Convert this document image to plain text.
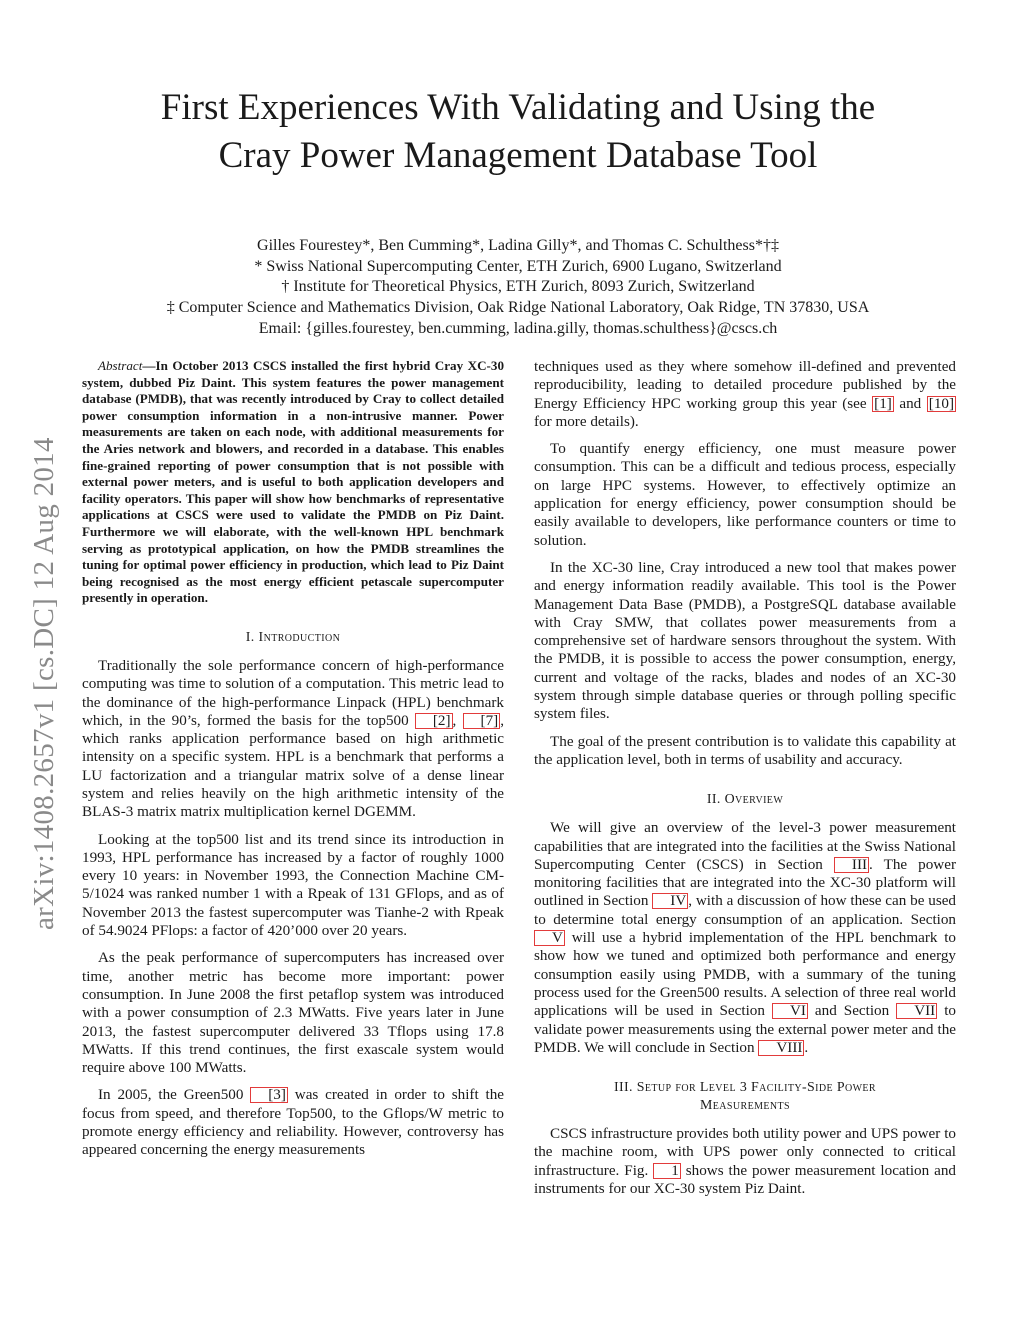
First Experiences With Validating and Using the
Cray Power Management Database Tool
Gilles Fourestey*, Ben Cumming*, Ladina Gilly*, and Thomas C. Schulthess*†‡
* Swiss National Supercomputing Center, ETH Zurich, 6900 Lugano, Switzerland
† Institute for Theoretical Physics, ETH Zurich, 8093 Zurich, Switzerland
‡ Computer Science and Mathematics Division, Oak Ridge National Laboratory, Oak Ridge, TN 37830, USA
Email: {gilles.fourestey, ben.cumming, ladina.gilly, thomas.schulthess}@cscs.ch
arXiv:1408.2657v1 [cs.DC] 12 Aug 2014

Abstract—In October 2013 CSCS installed the first hybrid Cray XC-30 system, dubbed Piz Daint. This system features the power management database (PMDB), that was recently introduced by Cray to collect detailed power consumption information in a non-intrusive manner. Power measurements are taken on each node, with additional measurements for the Aries network and blowers, and recorded in a database. This enables fine-grained reporting of power consumption that is not possible with external power meters, and is useful to both application developers and facility operators. This paper will show how benchmarks of representative applications at CSCS were used to validate the PMDB on Piz Daint. Furthermore we will elaborate, with the well-known HPL benchmark serving as prototypical application, on how the PMDB streamlines the tuning for optimal power efficiency in production, which lead to Piz Daint being recognised as the most energy efficient petascale supercomputer presently in operation.

I. Introduction

Traditionally the sole performance concern of high-performance computing was time to solution of a computation. This metric lead to the dominance of the high-performance Linpack (HPL) benchmark which, in the 90’s, formed the basis for the top500 [2] , [7] , which ranks application performance based on high arithmetic intensity on a specific system. HPL is a benchmark that performs a LU factorization and a triangular matrix solve of a dense linear system and relies heavily on the high arithmetic intensity of the BLAS-3 matrix matrix multiplication kernel DGEMM.

Looking at the top500 list and its trend since its introduction in 1993, HPL performance has increased by a factor of roughly 1000 every 10 years: in November 1993, the Connection Machine CM-5/1024 was ranked number 1 with a Rpeak of 131 GFlops, and as of November 2013 the fastest supercomputer was Tianhe-2 with Rpeak of 54.9024 PFlops: a factor of 420’000 over 20 years.

As the peak performance of supercomputers has increased over time, another metric has become more important: power consumption. In June 2008 the first petaflop system was introduced with a power consumption of 2.3 MWatts. Five years later in June 2013, the fastest supercomputer delivered 33 Tflops using 17.8 MWatts. If this trend continues, the first exascale system would require above 100 MWatts.

In 2005, the Green500 [3] was created in order to shift the focus from speed, and therefore Top500, to the Gflops/W metric to promote energy efficiency and reliability. However, controversy has appeared concerning the energy measurements

techniques used as they where somehow ill-defined and prevented reproducibility, leading to detailed procedure published by the Energy Efficiency HPC working group this year (see [1] and [10] for more details).

To quantify energy efficiency, one must measure power consumption. This can be a difficult and tedious process, especially on large HPC systems. However, to effectively optimize an application for energy efficiency, power consumption should be easily available to developers, like performance counters or time to solution.

In the XC-30 line, Cray introduced a new tool that makes power and energy information readily available. This tool is the Power Management Data Base (PMDB), a PostgreSQL database available with Cray SMW, that collates power measurements from a comprehensive set of hardware sensors throughout the system. With the PMDB, it is possible to access the power consumption, energy, current and voltage of the racks, blades and nodes of an XC-30 system through simple database queries or through polling specific system files.

The goal of the present contribution is to validate this capability at the application level, both in terms of usability and accuracy.

II. Overview

We will give an overview of the level-3 power measurement capabilities that are integrated into the facilities at the Swiss National Supercomputing Center (CSCS) in Section III . The power monitoring facilities that are integrated into the XC-30 platform will outlined in Section IV , with a discussion of how these can be used to determine total energy consumption of an application. Section V will use a hybrid implementation of the HPL benchmark to show how we tuned and optimized both performance and energy consumption easily using PMDB, with a summary of the tuning process used for the Green500 results. A selection of three real world applications will be used in Section VI and Section VII to validate power measurements using the external power meter and the PMDB. We will conclude in Section VIII .

III. Setup for Level 3 Facility-Side Power
Measurements

CSCS infrastructure provides both utility power and UPS power to the machine room, with UPS power only connected to critical infrastructure. Fig. 1 shows the power measurement location and instruments for our XC-30 system Piz Daint.
